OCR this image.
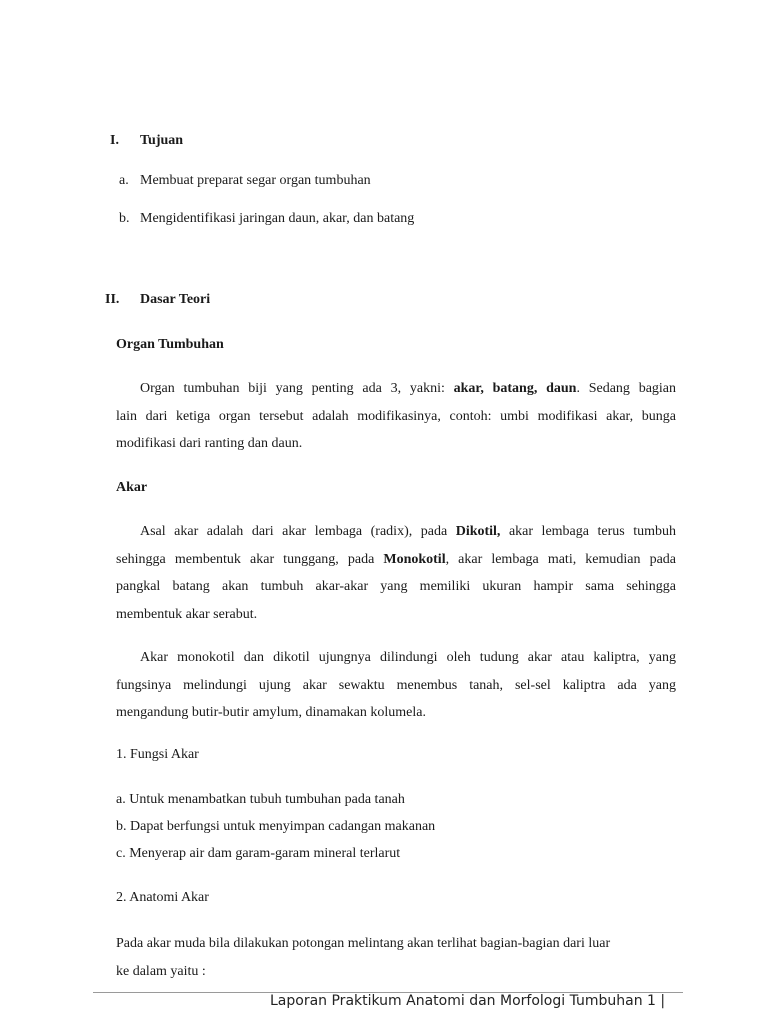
I. Tujuan
a. Membuat preparat segar organ tumbuhan
b. Mengidentifikasi jaringan daun, akar, dan batang
II. Dasar Teori
Organ Tumbuhan
Organ tumbuhan biji yang penting ada 3, yakni: akar, batang, daun. Sedang bagian
lain dari ketiga organ tersebut adalah modifikasinya, contoh: umbi modifikasi akar, bunga
modifikasi dari ranting dan daun.
Akar
Asal akar adalah dari akar lembaga (radix), pada Dikotil, akar lembaga terus tumbuh
sehingga membentuk akar tunggang, pada Monokotil, akar lembaga mati, kemudian pada
pangkal batang akan tumbuh akar-akar yang memiliki ukuran hampir sama sehingga
membentuk akar serabut.
Akar monokotil dan dikotil ujungnya dilindungi oleh tudung akar atau kaliptra, yang
fungsinya melindungi ujung akar sewaktu menembus tanah, sel-sel kaliptra ada yang
mengandung butir-butir amylum, dinamakan kolumela.
1. Fungsi Akar
a. Untuk menambatkan tubuh tumbuhan pada tanah
b. Dapat berfungsi untuk menyimpan cadangan makanan
c. Menyerap air dam garam-garam mineral terlarut
2. Anatomi Akar
Pada akar muda bila dilakukan potongan melintang akan terlihat bagian-bagian dari luar
ke dalam yaitu :
Laporan Praktikum Anatomi dan Morfologi Tumbuhan 1 |
